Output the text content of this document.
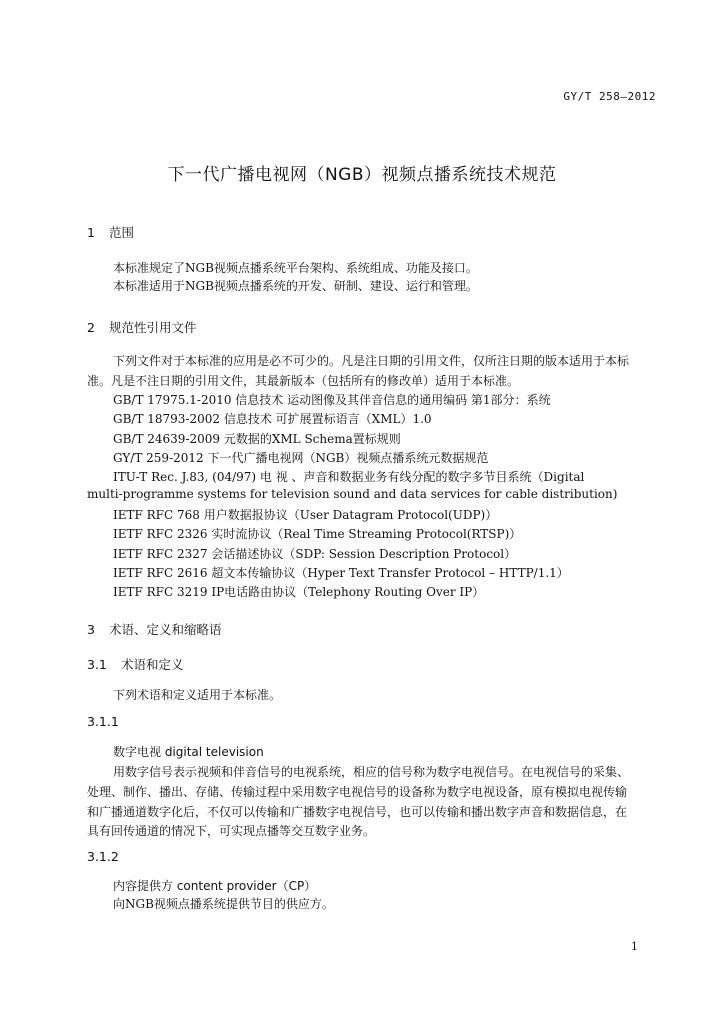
GY/T 258—2012
下一代广播电视网（NGB）视频点播系统技术规范
1 范围
本标准规定了NGB视频点播系统平台架构、系统组成、功能及接口。
本标准适用于NGB视频点播系统的开发、研制、建设、运行和管理。
2 规范性引用文件
下列文件对于本标准的应用是必不可少的。凡是注日期的引用文件，仅所注日期的版本适用于本标
准。凡是不注日期的引用文件，其最新版本（包括所有的修改单）适用于本标准。
GB/T 17975.1-2010 信息技术 运动图像及其伴音信息的通用编码 第1部分：系统
GB/T 18793-2002 信息技术 可扩展置标语言（XML）1.0
GB/T 24639-2009 元数据的XML Schema置标规则
GY/T 259-2012 下一代广播电视网（NGB）视频点播系统元数据规范
ITU-T Rec. J.83, (04/97) 电 视 、声音和数据业务有线分配的数字多节目系统（Digital
multi-programme systems for television sound and data services for cable distribution)
IETF RFC 768 用户数据报协议（User Datagram Protocol(UDP)）
IETF RFC 2326 实时流协议（Real Time Streaming Protocol(RTSP)）
IETF RFC 2327 会话描述协议（SDP: Session Description Protocol）
IETF RFC 2616 超文本传输协议（Hyper Text Transfer Protocol – HTTP/1.1）
IETF RFC 3219 IP电话路由协议（Telephony Routing Over IP）
3 术语、定义和缩略语
3.1 术语和定义
下列术语和定义适用于本标准。
3.1.1
数字电视 digital television
用数字信号表示视频和伴音信号的电视系统，相应的信号称为数字电视信号。在电视信号的采集、
处理、制作、播出、存储、传输过程中采用数字电视信号的设备称为数字电视设备，原有模拟电视传输
和广播通道数字化后，不仅可以传输和广播数字电视信号，也可以传输和播出数字声音和数据信息，在
具有回传通道的情况下，可实现点播等交互数字业务。
3.1.2
内容提供方 content provider（CP）
向NGB视频点播系统提供节目的供应方。
1
